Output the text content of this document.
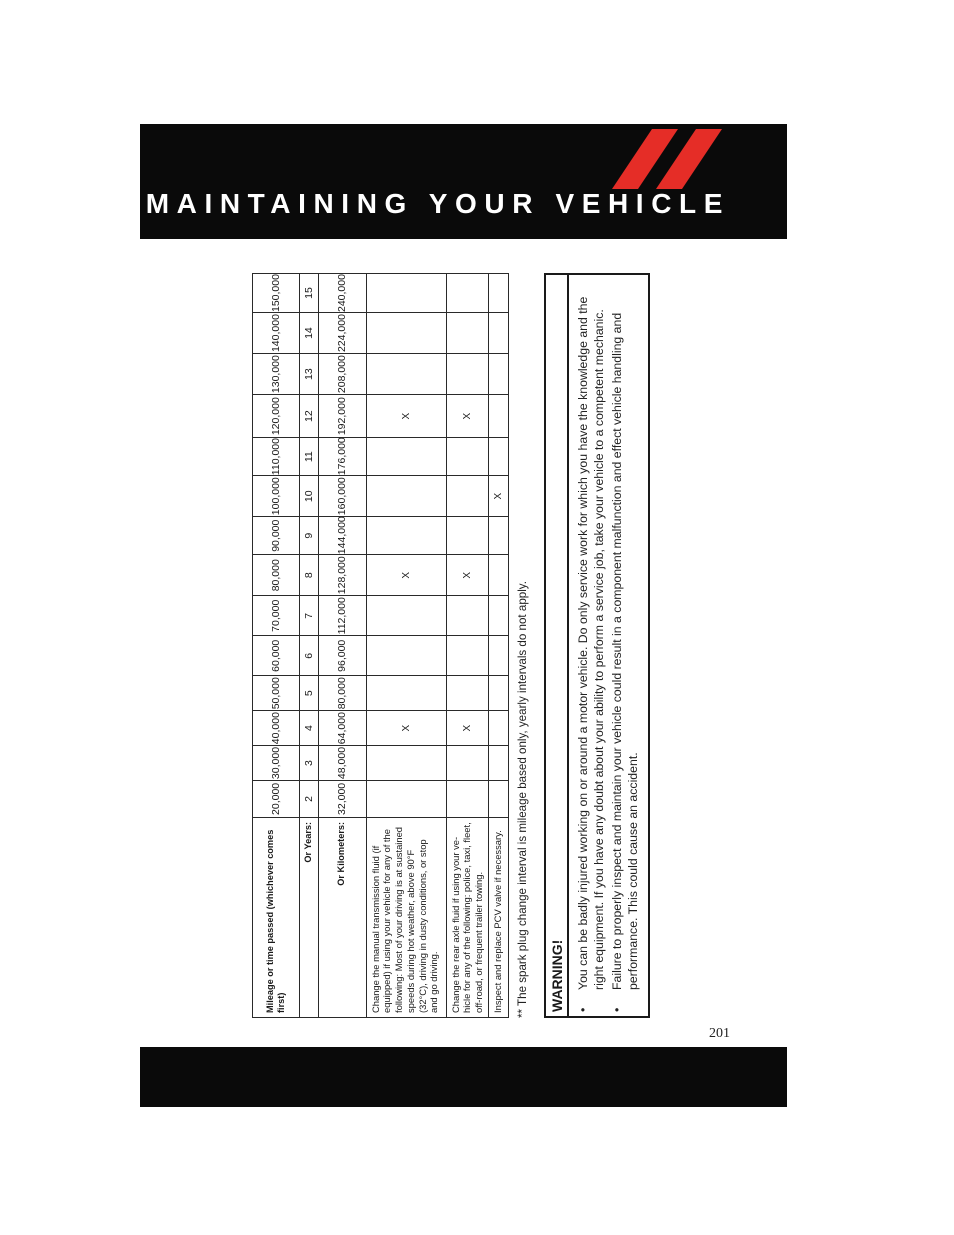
MAINTAINING YOUR VEHICLE
Mileage or time passed (whichever comes first)	20,000	30,000	40,000	50,000	60,000	70,000	80,000	90,000	100,000	110,000	120,000	130,000	140,000	150,000
Or Years:	2	3	4	5	6	7	8	9	10	11	12	13	14	15
Or Kilometers:	32,000	48,000	64,000	80,000	96,000	112,000	128,000	144,000	160,000	176,000	192,000	208,000	224,000	240,000
Change the manual transmission fluid (if equipped) if using your vehicle for any of the following: Most of your driving is at sustained speeds during hot weather, above 90°F (32°C), driving in dusty conditions, or stop and go driving.			X				X				X			
Change the rear axle fluid if using your ve-hicle for any of the following: police, taxi, fleet, off-road, or frequent trailer towing.			X				X				X			
Inspect and replace PCV valve if necessary.									X					
** The spark plug change interval is mileage based only, yearly intervals do not apply. WARNING! • You can be badly injured working on or around a motor vehicle. Do only service work for which you have the knowledge and the right equipment. If you have any doubt about your ability to perform a service job, take your vehicle to a competent mechanic. • Failure to properly inspect and maintain your vehicle could result in a component malfunction and effect vehicle handling and performance. This could cause an accident.
201
